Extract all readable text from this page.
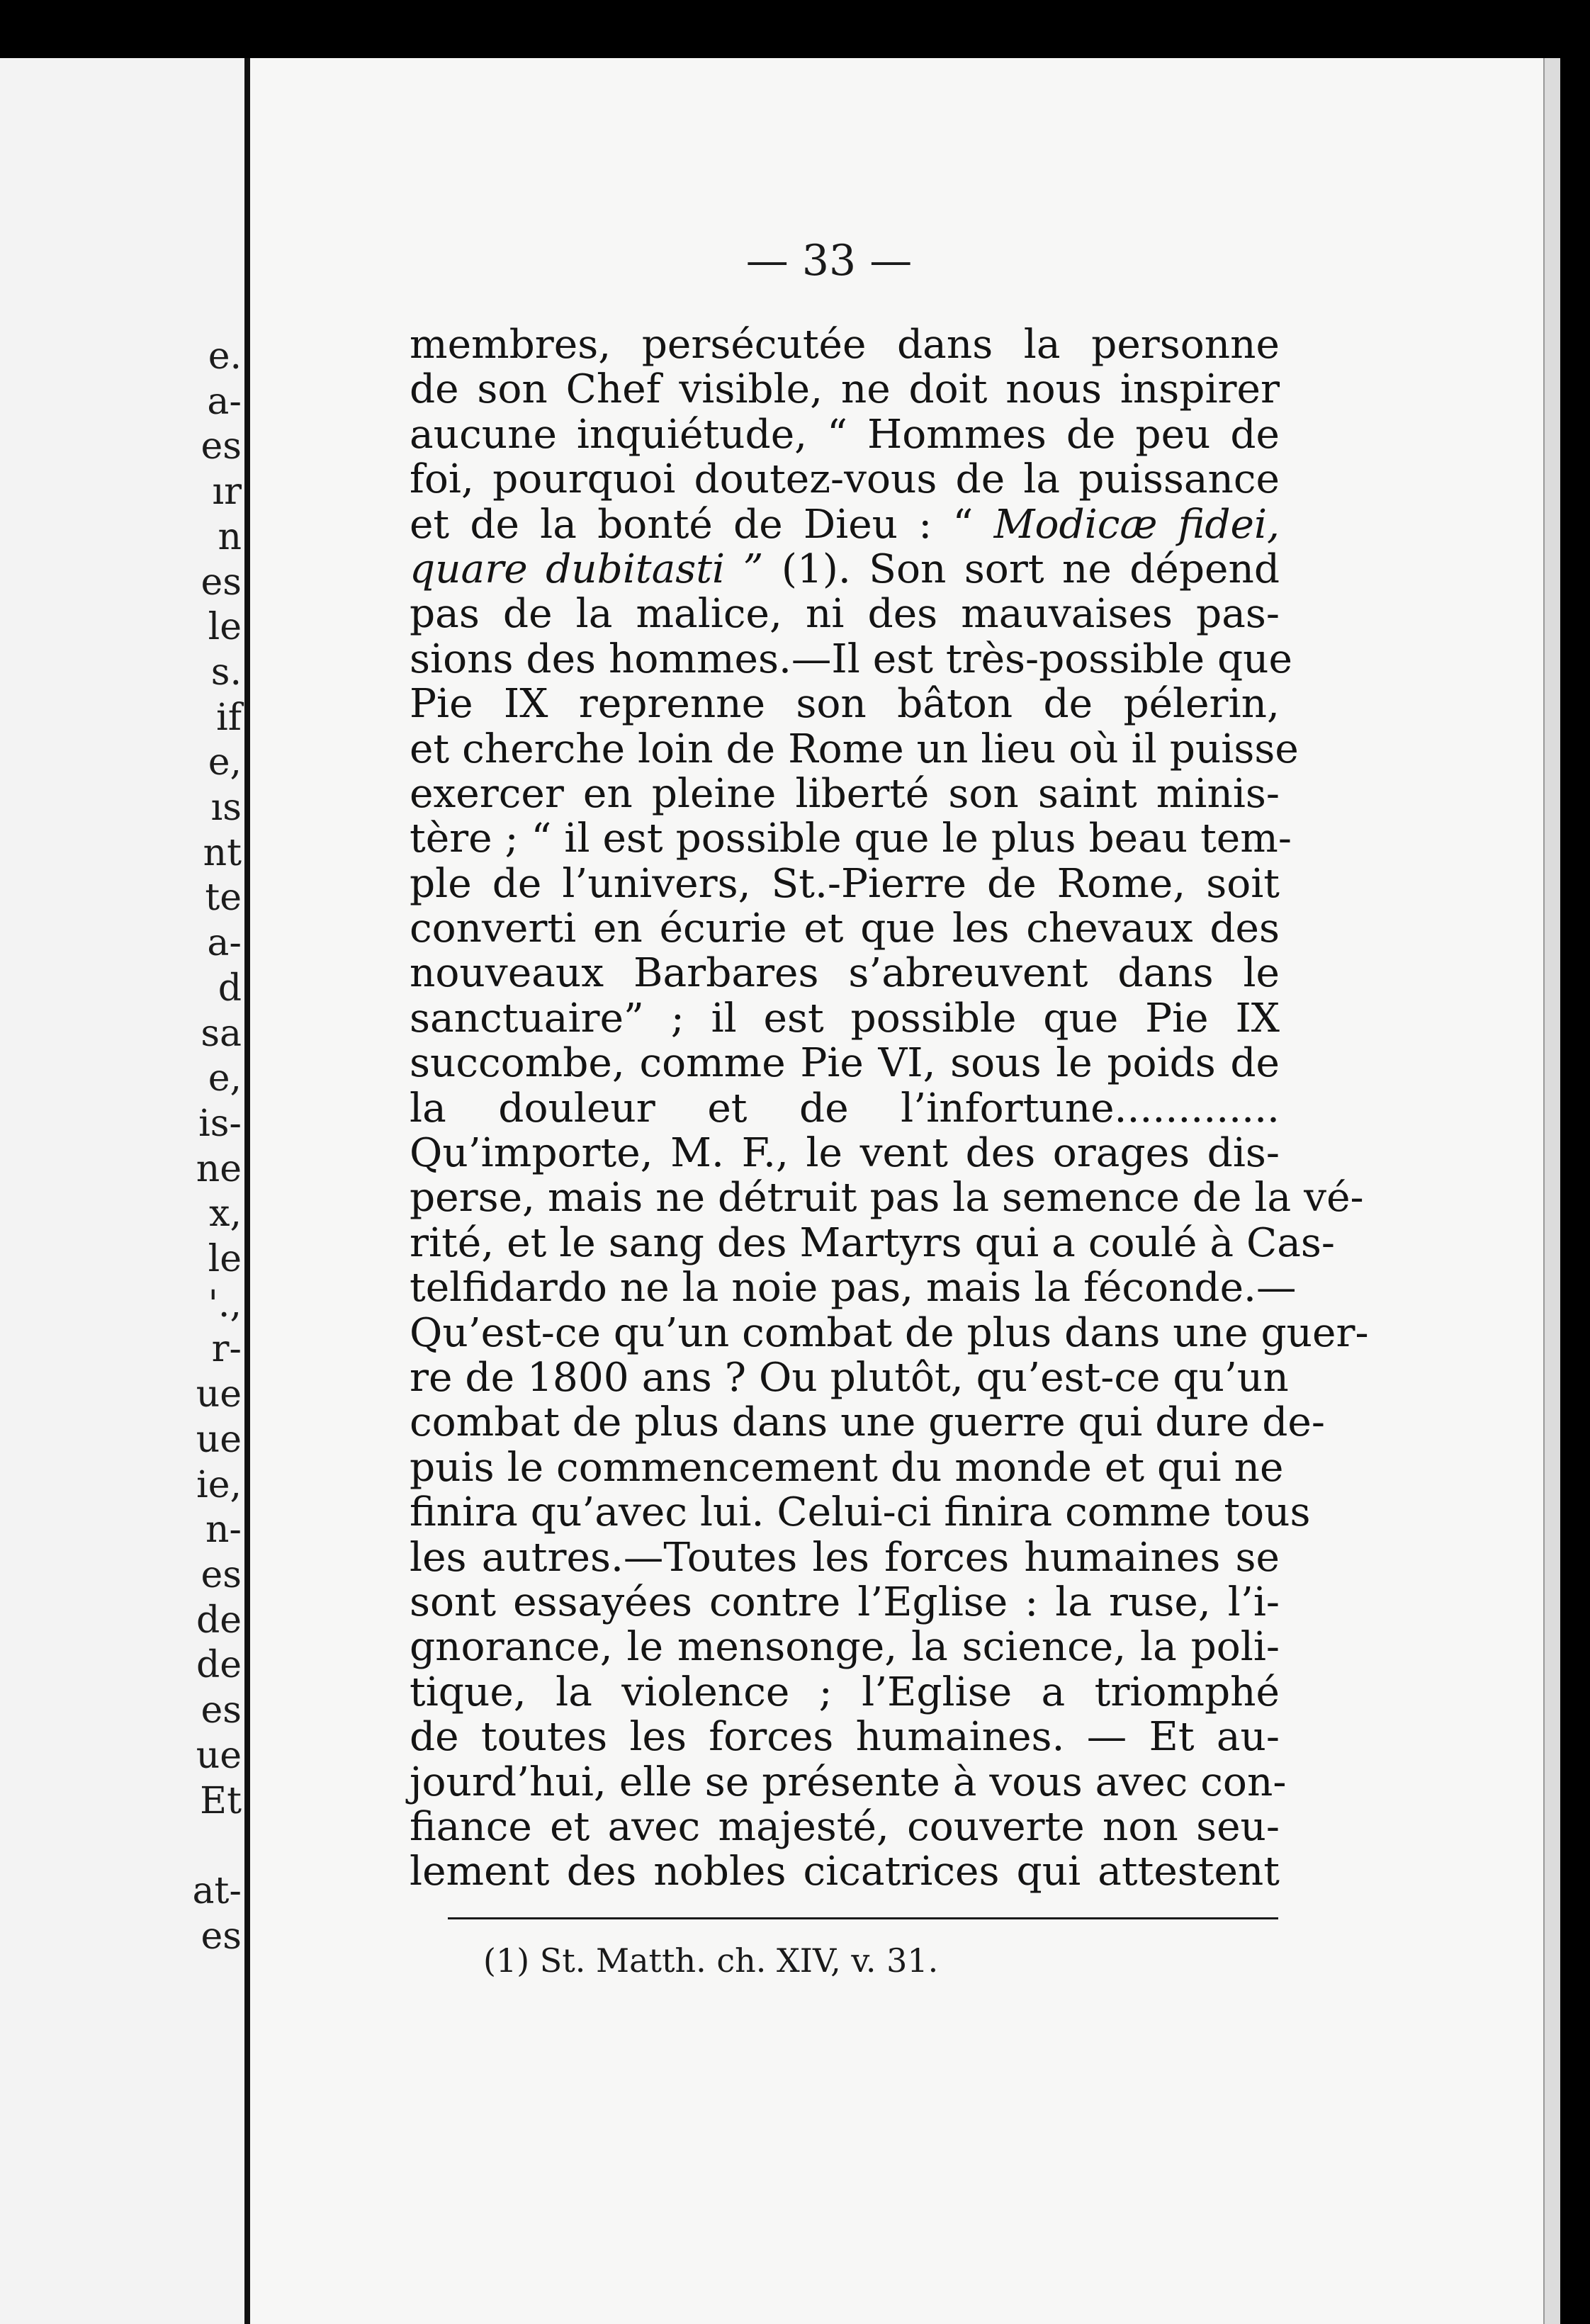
e.
a-
es
ır
n
es
le
s.
if
e,
ıs
nt
te
a-
d
sa
e,
is-
ne
x,
le
'.,
r-
ue
ue
ie,
n-
es
de
de
es
ue
Et

at-
es
— 33 —
membres, persécutée dans la personne
de son Chef visible, ne doit nous inspirer
aucune inquiétude, “ Hommes de peu de
foi, pourquoi doutez-vous de la puissance
et de la bonté de Dieu : “ Modicæ fidei,
quare dubitasti ” (1). Son sort ne dépend
pas de la malice, ni des mauvaises pas-
sions des hommes.—Il est très-possible que
Pie IX reprenne son bâton de pélerin,
et cherche loin de Rome un lieu où il puisse
exercer en pleine liberté son saint minis-
tère ; “ il est possible que le plus beau tem-
ple de l’univers, St.-Pierre de Rome, soit
converti en écurie et que les chevaux des
nouveaux Barbares s’abreuvent dans le
sanctuaire” ; il est possible que Pie IX
succombe, comme Pie VI, sous le poids de
la douleur et de l’infortune.............
Qu’importe, M. F., le vent des orages dis-
perse, mais ne détruit pas la semence de la vé-
rité, et le sang des Martyrs qui a coulé à Cas-
telfidardo ne la noie pas, mais la féconde.—
Qu’est-ce qu’un combat de plus dans une guer-
re de 1800 ans ? Ou plutôt, qu’est-ce qu’un
combat de plus dans une guerre qui dure de-
puis le commencement du monde et qui ne
finira qu’avec lui. Celui-ci finira comme tous
les autres.—Toutes les forces humaines se
sont essayées contre l’Eglise : la ruse, l’i-
gnorance, le mensonge, la science, la poli-
tique, la violence ; l’Eglise a triomphé
de toutes les forces humaines. — Et au-
jourd’hui, elle se présente à vous avec con-
fiance et avec majesté, couverte non seu-
lement des nobles cicatrices qui attestent
(1) St. Matth. ch. XIV, v. 31.
